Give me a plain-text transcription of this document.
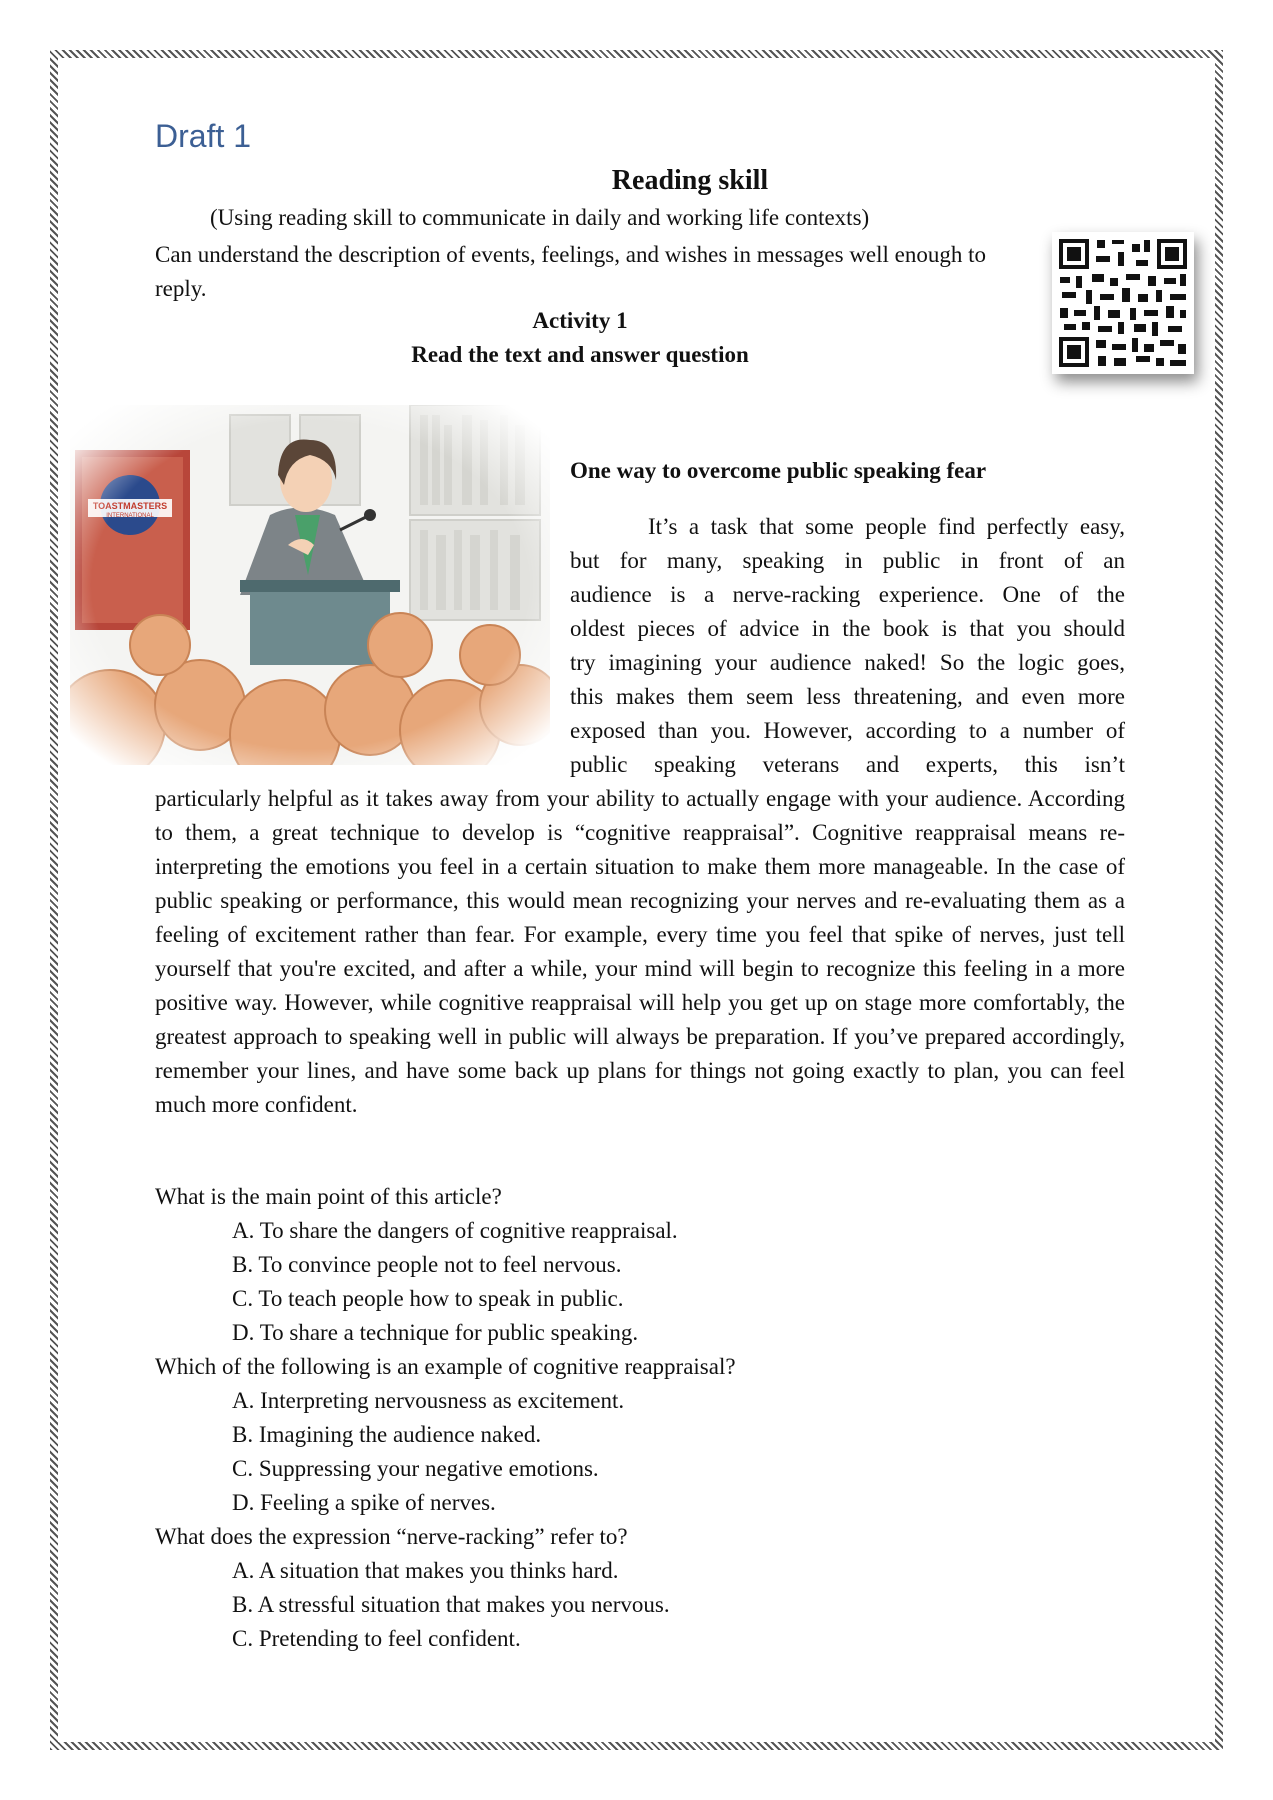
Draft 1
Reading skill
(Using reading skill to communicate in daily and working life contexts)
Can understand the description of events, feelings, and wishes in messages well enough to reply.
Activity 1
Read the text and answer question
One way to overcome public speaking fear
It’s a task that some people find perfectly easy,
but for many, speaking in public in front of an
audience is a nerve-racking experience. One of the
oldest pieces of advice in the book is that you should
try imagining your audience naked! So the logic goes,
this makes them seem less threatening, and even more
exposed than you. However, according to a number of
public speaking veterans and experts, this isn’t
particularly helpful as it takes away from your ability to actually engage with your audience. According to them, a great technique to develop is “cognitive reappraisal”. Cognitive reappraisal means re-interpreting the emotions you feel in a certain situation to make them more manageable. In the case of public speaking or performance, this would mean recognizing your nerves and re-evaluating them as a feeling of excitement rather than fear. For example, every time you feel that spike of nerves, just tell yourself that you're excited, and after a while, your mind will begin to recognize this feeling in a more positive way. However, while cognitive reappraisal will help you get up on stage more comfortably, the greatest approach to speaking well in public will always be preparation. If you’ve prepared accordingly, remember your lines, and have some back up plans for things not going exactly to plan, you can feel much more confident.
What is the main point of this article?
A. To share the dangers of cognitive reappraisal.
B. To convince people not to feel nervous.
C. To teach people how to speak in public.
D. To share a technique for public speaking.
Which of the following is an example of cognitive reappraisal?
A. Interpreting nervousness as excitement.
B. Imagining the audience naked.
C. Suppressing your negative emotions.
D. Feeling a spike of nerves.
What does the expression “nerve-racking” refer to?
A. A situation that makes you thinks hard.
B. A stressful situation that makes you nervous.
C. Pretending to feel confident.
